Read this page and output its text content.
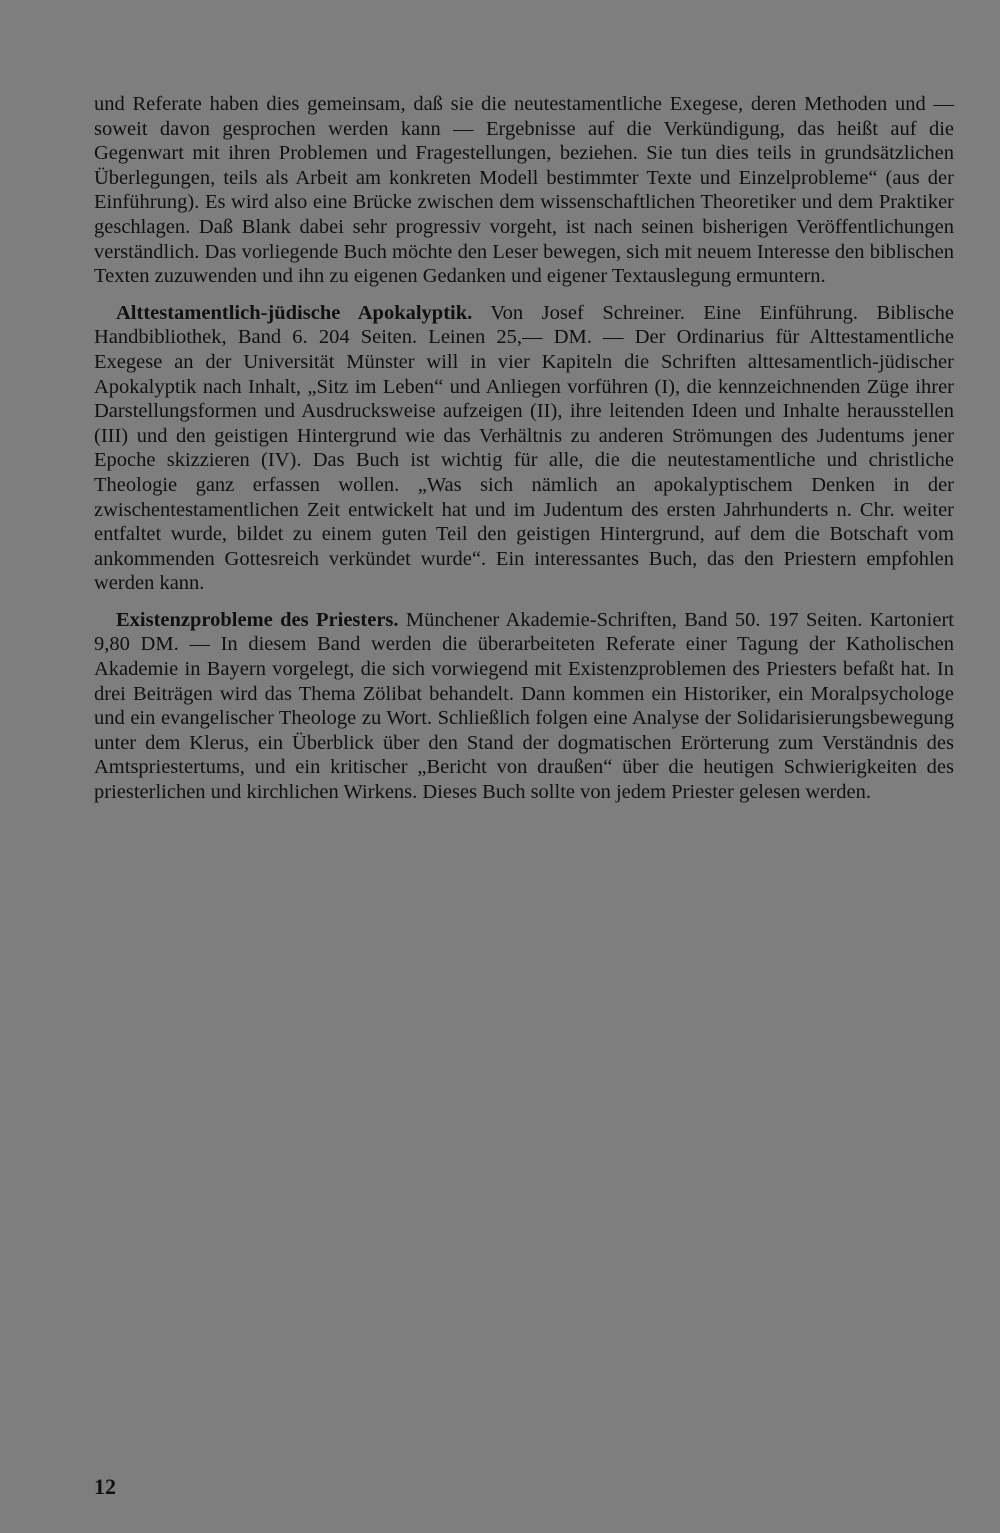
und Referate haben dies gemeinsam, daß sie die neutestamentliche Exegese, deren Methoden und — soweit davon gesprochen werden kann — Ergebnisse auf die Verkündigung, das heißt auf die Gegenwart mit ihren Problemen und Fragestellungen, beziehen. Sie tun dies teils in grundsätzlichen Überlegungen, teils als Arbeit am konkreten Modell bestimmter Texte und Einzelprobleme“ (aus der Einführung). Es wird also eine Brücke zwischen dem wissenschaftlichen Theoretiker und dem Praktiker geschlagen. Daß Blank dabei sehr progressiv vorgeht, ist nach seinen bisherigen Veröffentlichungen verständlich. Das vorliegende Buch möchte den Leser bewegen, sich mit neuem Interesse den biblischen Texten zuzuwenden und ihn zu eigenen Gedanken und eigener Textauslegung ermuntern.

Alttestamentlich-jüdische Apokalyptik. Von Josef Schreiner. Eine Einführung. Biblische Handbibliothek, Band 6. 204 Seiten. Leinen 25,— DM. — Der Ordinarius für Alttestamentliche Exegese an der Universität Münster will in vier Kapiteln die Schriften alttesamentlich-jüdischer Apokalyptik nach Inhalt, „Sitz im Leben“ und Anliegen vorführen (I), die kennzeichnenden Züge ihrer Darstellungsformen und Ausdrucksweise aufzeigen (II), ihre leitenden Ideen und Inhalte herausstellen (III) und den geistigen Hintergrund wie das Verhältnis zu anderen Strömungen des Judentums jener Epoche skizzieren (IV). Das Buch ist wichtig für alle, die die neutestamentliche und christliche Theologie ganz erfassen wollen. „Was sich nämlich an apokalyptischem Denken in der zwischentestamentlichen Zeit entwickelt hat und im Judentum des ersten Jahrhunderts n. Chr. weiter entfaltet wurde, bildet zu einem guten Teil den geistigen Hintergrund, auf dem die Botschaft vom ankommenden Gottesreich verkündet wurde“. Ein interessantes Buch, das den Priestern empfohlen werden kann.

Existenzprobleme des Priesters. Münchener Akademie-Schriften, Band 50. 197 Seiten. Kartoniert 9,80 DM. — In diesem Band werden die überarbeiteten Referate einer Tagung der Katholischen Akademie in Bayern vorgelegt, die sich vorwiegend mit Existenzproblemen des Priesters befaßt hat. In drei Beiträgen wird das Thema Zölibat behandelt. Dann kommen ein Historiker, ein Moralpsychologe und ein evangelischer Theologe zu Wort. Schließlich folgen eine Analyse der Solidarisierungsbewegung unter dem Klerus, ein Überblick über den Stand der dogmatischen Erörterung zum Verständnis des Amtspriestertums, und ein kritischer „Bericht von draußen“ über die heutigen Schwierigkeiten des priesterlichen und kirchlichen Wirkens. Dieses Buch sollte von jedem Priester gelesen werden.

12
